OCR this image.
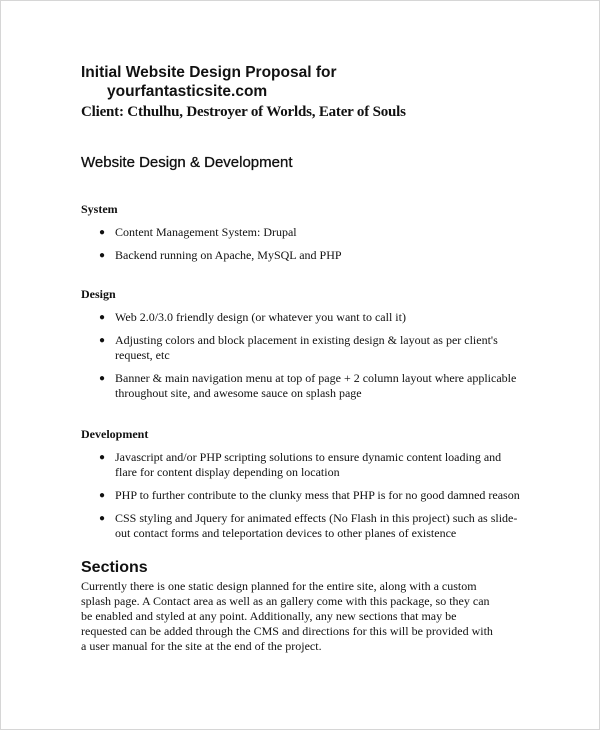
Initial Website Design Proposal for
yourfantasticsite.com

Client: Cthulhu, Destroyer of Worlds, Eater of Souls

Website Design & Development
System
● Content Management System: Drupal
● Backend running on Apache, MySQL and PHP
Design
● Web 2.0/3.0 friendly design (or whatever you want to call it)
● Adjusting colors and block placement in existing design & layout as per client's request, etc
● Banner & main navigation menu at top of page + 2 column layout where applicable throughout site, and awesome sauce on splash page
Development
● Javascript and/or PHP scripting solutions to ensure dynamic content loading and flare for content display depending on location
● PHP to further contribute to the clunky mess that PHP is for no good damned reason
● CSS styling and Jquery for animated effects (No Flash in this project) such as slide-out contact forms and teleportation devices to other planes of existence
Sections

Currently there is one static design planned for the entire site, along with a custom splash page. A Contact area as well as an gallery come with this package, so they can be enabled and styled at any point. Additionally, any new sections that may be requested can be added through the CMS and directions for this will be provided with a user manual for the site at the end of the project.
